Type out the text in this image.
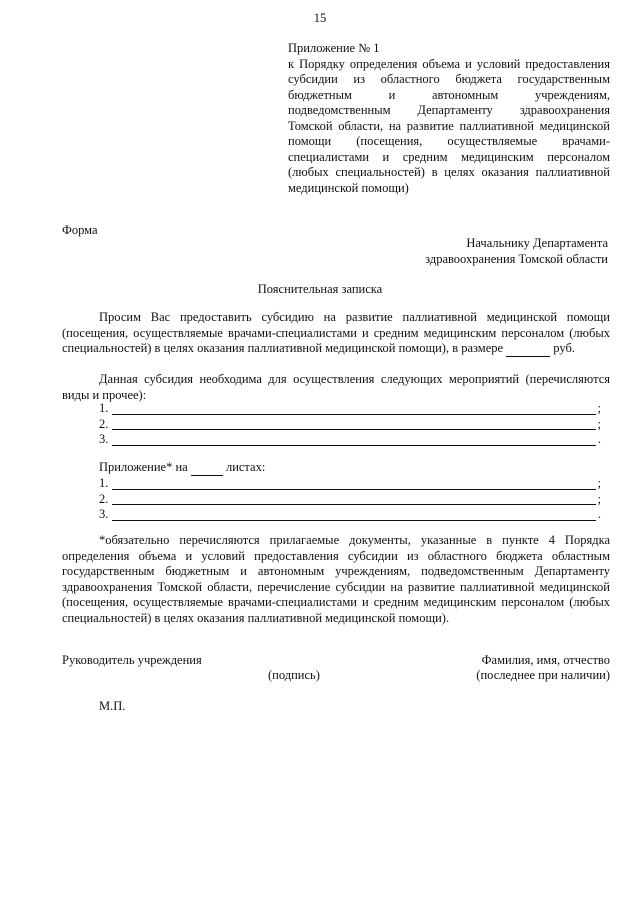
15
Приложение № 1
к Порядку определения объема и условий предоставления субсидии из областного бюджета государственным бюджетным и автономным учреждениям, подведомственным Департаменту здравоохранения Томской области, на развитие паллиативной медицинской помощи (посещения, осуществляемые врачами-специалистами и средним медицинским персоналом (любых специальностей) в целях оказания паллиативной медицинской помощи)
Форма
Начальнику Департамента
здравоохранения Томской области
Пояснительная записка
Просим Вас предоставить субсидию на развитие паллиативной медицинской помощи (посещения, осуществляемые врачами-специалистами и средним медицинским персоналом (любых специальностей) в целях оказания паллиативной медицинской помощи), в размере	руб.
Данная субсидия необходима для осуществления следующих мероприятий (перечисляются виды и прочее):
1.	;
2.	;
3.	.
Приложение* на	листах:
1.	;
2.	;
3.	.
*обязательно перечисляются прилагаемые документы, указанные в пункте 4 Порядка определения объема и условий предоставления субсидии из областного бюджета областным государственным бюджетным и автономным учреждениям, подведомственным Департаменту здравоохранения Томской области, перечисление субсидии на развитие паллиативной медицинской (посещения, осуществляемые врачами-специалистами и средним медицинским персоналом (любых специальностей) в целях оказания паллиативной медицинской помощи).
Руководитель учреждения
(подпись)
Фамилия, имя, отчество
(последнее при наличии)
М.П.
